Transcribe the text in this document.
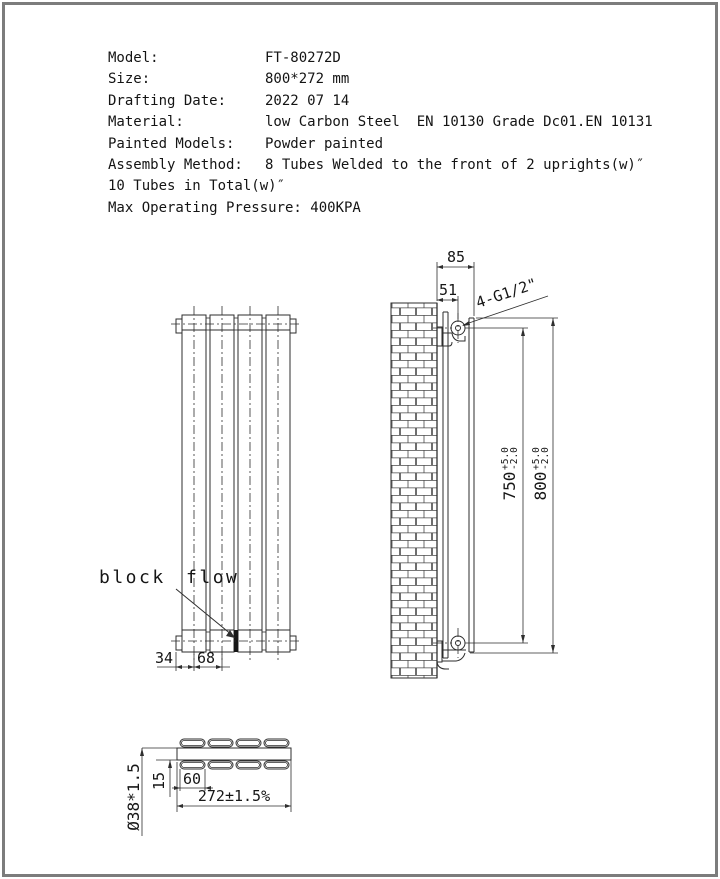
Model:	FT-80272D
Size:	800*272 mm
Drafting Date:	2022 07 14
Material:	low Carbon Steel  EN 10130 Grade Dc01.EN 10131
Painted Models: Powder painted
Assembly Method: 8 Tubes Welded to the front of 2 uprights(w)″
10 Tubes in Total(w)″
Max Operating Pressure: 400KPA
34 68
block flow
85
51 4-G1/2"
750
+5.0
-2.0
800
+5.0
-2.0
Ø38*1.5 15 60
272±1.5%
